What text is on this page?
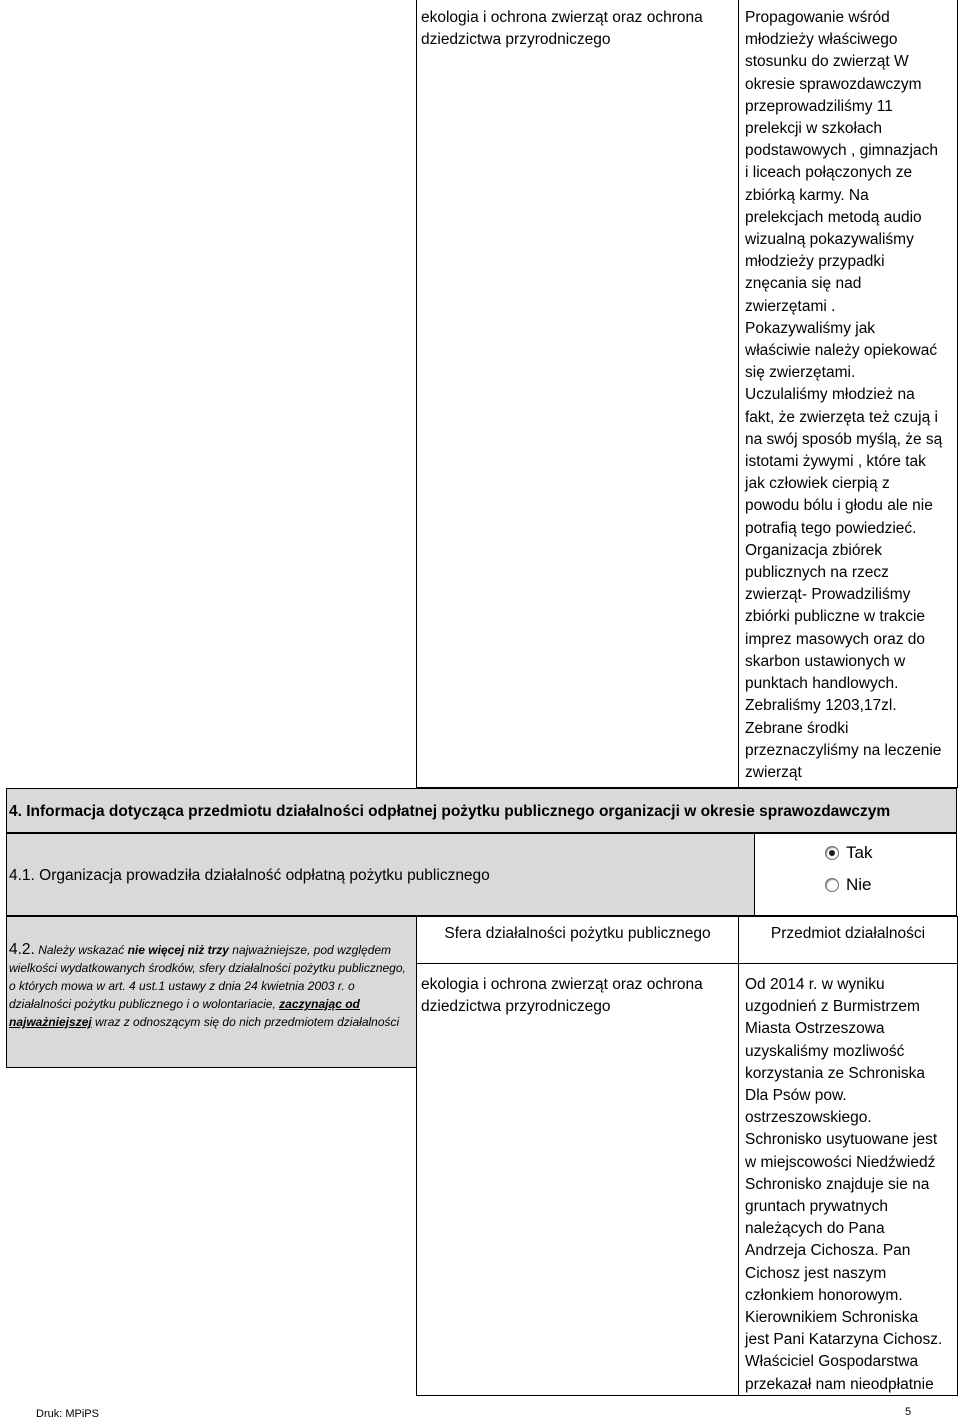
ekologia i ochrona zwierząt oraz ochrona
dziedzictwa przyrodniczego
Propagowanie wśród
młodzieży właściwego
stosunku do zwierząt W
okresie sprawozdawczym
przeprowadziliśmy 11
prelekcji w szkołach
podstawowych , gimnazjach
i liceach połączonych ze
zbiórką karmy. Na
prelekcjach metodą audio
wizualną pokazywaliśmy
młodzieży przypadki
znęcania się nad
zwierzętami .
Pokazywaliśmy jak
właściwie należy opiekować
się zwierzętami.
Uczulaliśmy młodzież na
fakt, że zwierzęta też czują i
na swój sposób myślą, że są
istotami żywymi , które tak
jak człowiek cierpią z
powodu bólu i głodu ale nie
potrafią tego powiedzieć.
Organizacja zbiórek
publicznych na rzecz
zwierząt- Prowadziliśmy
zbiórki publiczne w trakcie
imprez masowych oraz do
skarbon ustawionych w
punktach handlowych.
Zebraliśmy 1203,17zl.
Zebrane środki
przeznaczyliśmy na leczenie
zwierząt
4. Informacja dotycząca przedmiotu działalności odpłatnej pożytku publicznego organizacji w okresie sprawozdawczym
4.1. Organizacja prowadziła działalność odpłatną pożytku publicznego
Tak
Nie
4.2. Należy wskazać nie więcej niż trzy najważniejsze, pod względem wielkości wydatkowanych środków, sfery działalności pożytku publicznego, o których mowa w art. 4 ust.1 ustawy z dnia 24 kwietnia 2003 r. o działalności pożytku publicznego i o wolontariacie, zaczynając od najważniejszej wraz z odnoszącym się do nich przedmiotem działalności
Sfera działalności pożytku publicznego	Przedmiot działalności
ekologia i ochrona zwierząt oraz ochrona
dziedzictwa przyrodniczego
Od 2014 r. w wyniku
uzgodnień z Burmistrzem
Miasta Ostrzeszowa
uzyskaliśmy mozliwość
korzystania ze Schroniska
Dla Psów pow.
ostrzeszowskiego.
Schronisko usytuowane jest
w miejscowości Niedźwiedź
Schronisko znajduje sie na
gruntach prywatnych
należących do Pana
Andrzeja Cichosza. Pan
Cichosz jest naszym
członkiem honorowym.
Kierownikiem Schroniska
jest Pani Katarzyna Cichosz.
Właściciel Gospodarstwa
przekazał nam nieodpłatnie
Druk: MPiPS	5
